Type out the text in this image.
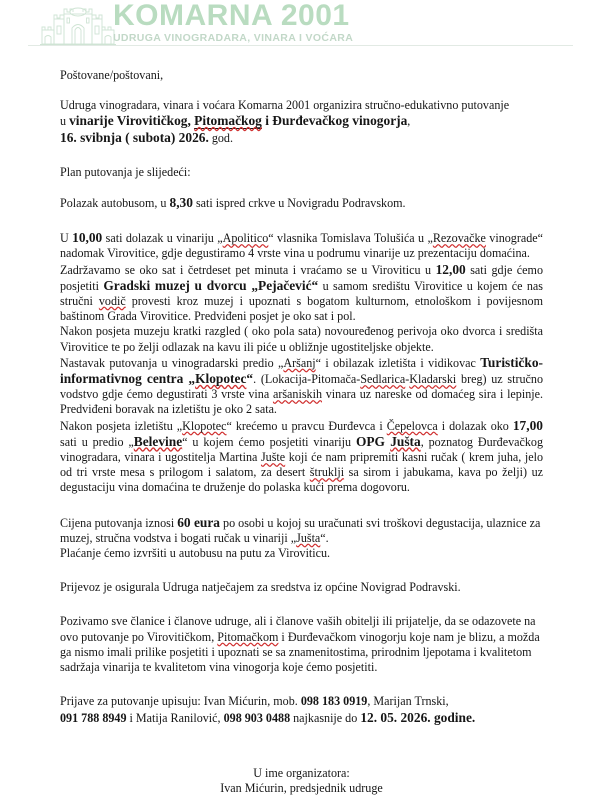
KOMARNA 2001
UDRUGA VINOGRADARA, VINARA I VOĆARA

Poštovane/poštovani,

Udruga vinogradara, vinara i voćara Komarna 2001 organizira stručno-edukativno putovanje
u vinarije Virovitičkog, Pitomačkog i Đurđevačkog vinogorja,
16. svibnja ( subota) 2026. god.

Plan putovanja je slijedeći:

Polazak autobusom, u 8,30 sati ispred crkve u Novigradu Podravskom.

U 10,00 sati dolazak u vinariju „Apolitico“ vlasnika Tomislava Tolušića u „Rezovačke vinograde“ nadomak Virovitice, gdje degustiramo 4 vrste vina u podrumu vinarije uz prezentaciju domaćina.

Zadržavamo se oko sat i četrdeset pet minuta i vraćamo se u Viroviticu u 12,00 sati gdje ćemo posjetiti Gradski muzej u dvorcu „Pejačević“ u samom središtu Virovitice u kojem će nas stručni vodič provesti kroz muzej i upoznati s bogatom kulturnom, etnološkom i povijesnom baštinom Grada Virovitice. Predviđeni posjet je oko sat i pol.

Nakon posjeta muzeju kratki razgled ( oko pola sata) novouređenog perivoja oko dvorca i središta Virovitice te po želji odlazak na kavu ili piće u obližnje ugostiteljske objekte.

Nastavak putovanja u vinogradarski predio „Aršanj“ i obilazak izletišta i vidikovac Turističko-informativnog centra „Klopotec“. (Lokacija-Pitomača-Sedlarica-Kladarski breg) uz stručno vodstvo gdje ćemo degustirati 3 vrste vina aršaniskih vinara uz nareske od domaćeg sira i lepinje. Predviđeni boravak na izletištu je oko 2 sata.

Nakon posjeta izletištu „Klopotec“ krećemo u pravcu Đurđevca i Čepelovca i dolazak oko 17,00 sati u predio „Belevine“ u kojem ćemo posjetiti vinariju OPG Jušta, poznatog Đurđevačkog vinogradara, vinara i ugostitelja Martina Jušte koji će nam pripremiti kasni ručak ( krem juha, jelo od tri vrste mesa s prilogom i salatom, za desert štruklji sa sirom i jabukama, kava po želji) uz degustaciju vina domaćina te druženje do polaska kući prema dogovoru.

Cijena putovanja iznosi 60 eura po osobi u kojoj su uračunati svi troškovi degustacija, ulaznice za muzej, stručna vodstva i bogati ručak u vinariji „Jušta“.

Plaćanje ćemo izvršiti u autobusu na putu za Viroviticu.

Prijevoz je osigurala Udruga natječajem za sredstva iz općine Novigrad Podravski.

Pozivamo sve članice i članove udruge, ali i članove vaših obitelji ili prijatelje, da se odazovete na ovo putovanje po Virovitičkom, Pitomačkom i Đurđevačkom vinogorju koje nam je blizu, a možda ga nismo imali prilike posjetiti i upoznati se sa znamenitostima, prirodnim ljepotama i kvalitetom sadržaja vinarija te kvalitetom vina vinogorja koje ćemo posjetiti.

Prijave za putovanje upisuju: Ivan Mićurin, mob. 098 183 0919, Marijan Trnski,
091 788 8949 i Matija Ranilović, 098 903 0488 najkasnije do 12. 05. 2026. godine.

U ime organizatora:
Ivan Mićurin, predsjednik udruge
